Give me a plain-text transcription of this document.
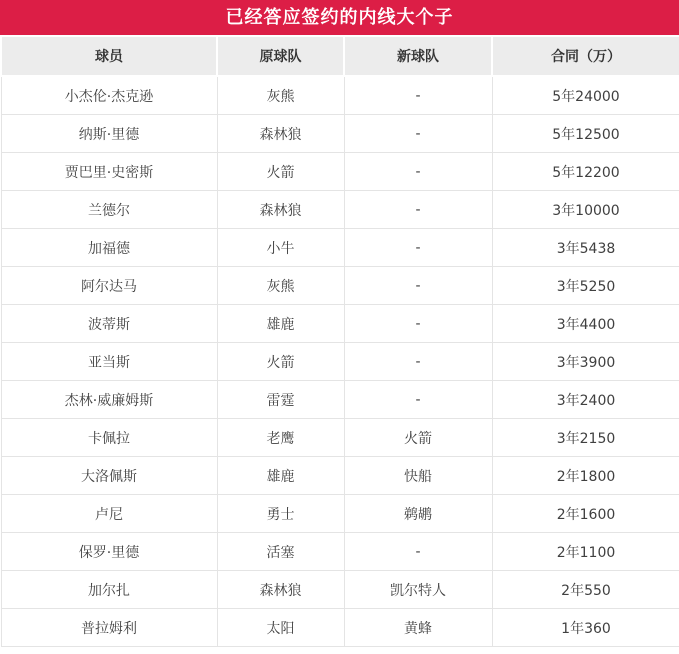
已经答应签约的内线大个子
球员	原球队	新球队	合同（万）
小杰伦·杰克逊	灰熊	-	5年24000
纳斯·里德	森林狼	-	5年12500
贾巴里·史密斯	火箭	-	5年12200
兰德尔	森林狼	-	3年10000
加福德	小牛	-	3年5438
阿尔达马	灰熊	-	3年5250
波蒂斯	雄鹿	-	3年4400
亚当斯	火箭	-	3年3900
杰林·威廉姆斯	雷霆	-	3年2400
卡佩拉	老鹰	火箭	3年2150
大洛佩斯	雄鹿	快船	2年1800
卢尼	勇士	鹈鹕	2年1600
保罗·里德	活塞	-	2年1100
加尔扎	森林狼	凯尔特人	2年550
普拉姆利	太阳	黄蜂	1年360
